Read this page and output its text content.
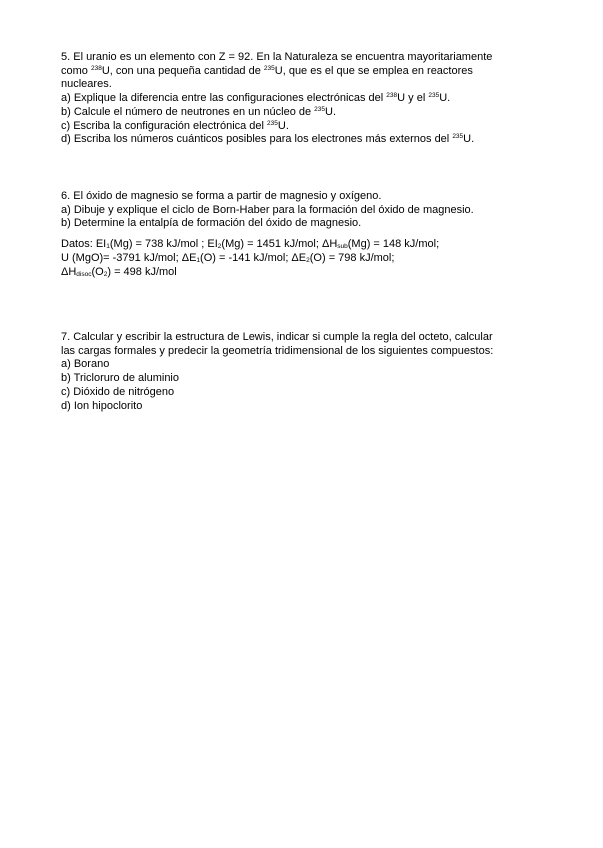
5. El uranio es un elemento con Z = 92. En la Naturaleza se encuentra mayoritariamente
como $^{238}$U, con una pequeña cantidad de $^{235}$U, que es el que se emplea en reactores
nucleares.
a) Explique la diferencia entre las configuraciones electrónicas del $^{238}$U y el $^{235}$U.
b) Calcule el número de neutrones en un núcleo de $^{235}$U.
c) Escriba la configuración electrónica del $^{235}$U.
d) Escriba los números cuánticos posibles para los electrones más externos del $^{235}$U.
6. El óxido de magnesio se forma a partir de magnesio y oxígeno.
a) Dibuje y explique el ciclo de Born-Haber para la formación del óxido de magnesio.
b) Determine la entalpía de formación del óxido de magnesio.
Datos: $EI_1(Mg) = 738$ kJ/mol ; $EI_2(Mg) = 1451$ kJ/mol; $\Delta H_{sub}(Mg) = 148$ kJ/mol;
U (MgO)= -3791 kJ/mol; $\Delta E_1(O) = -141$ kJ/mol; $\Delta E_2(O) = 798$ kJ/mol;
$\Delta H_{disoc}(O_2) = 498$ kJ/mol
7. Calcular y escribir la estructura de Lewis, indicar si cumple la regla del octeto, calcular
las cargas formales y predecir la geometría tridimensional de los siguientes compuestos:
a) Borano
b) Tricloruro de aluminio
c) Dióxido de nitrógeno
d) Ion hipoclorito
